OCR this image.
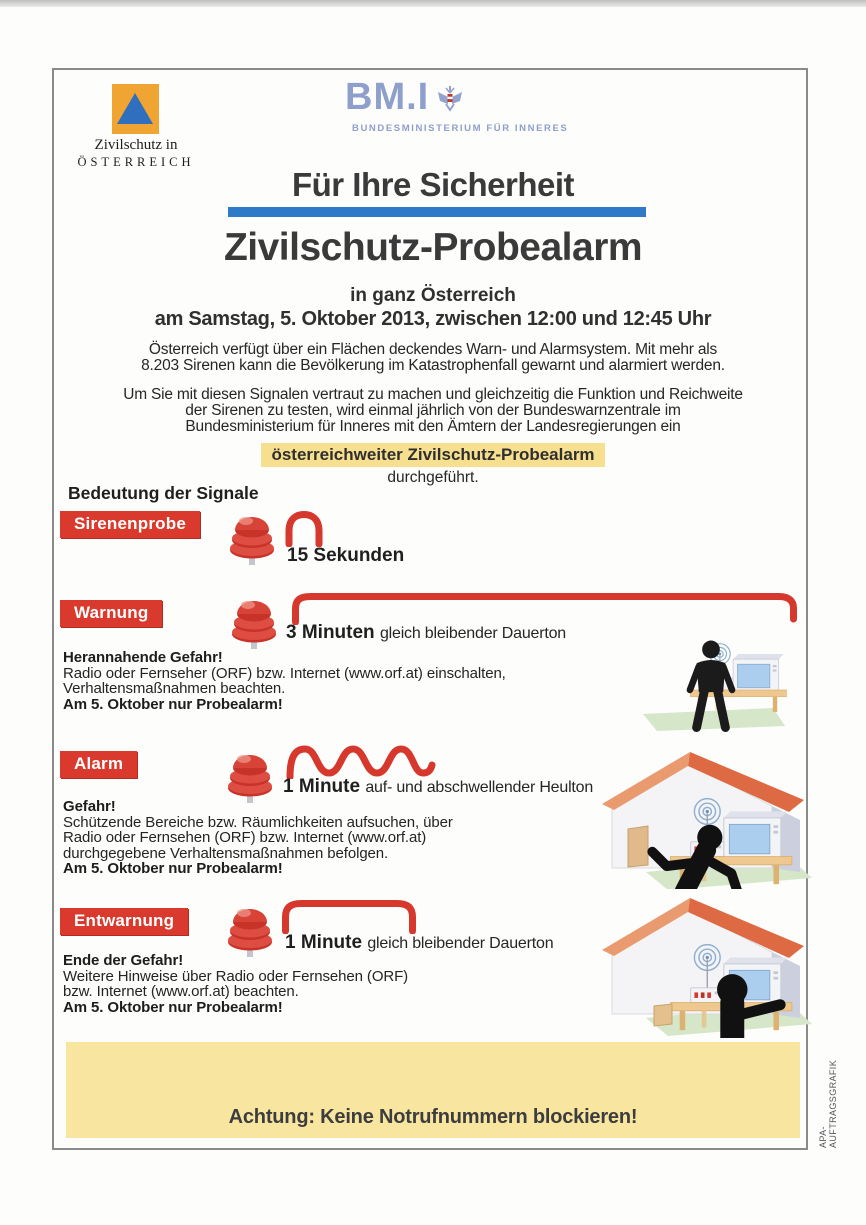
Zivilschutz in
ÖSTERREICH
BM.I
BUNDESMINISTERIUM FÜR INNERES
Für Ihre Sicherheit
Zivilschutz-Probealarm
in ganz Österreich
am Samstag, 5. Oktober 2013, zwischen 12:00 und 12:45 Uhr
Österreich verfügt über ein Flächen deckendes Warn- und Alarmsystem. Mit mehr als
8.203 Sirenen kann die Bevölkerung im Katastrophenfall gewarnt und alarmiert werden.
Um Sie mit diesen Signalen vertraut zu machen und gleichzeitig die Funktion und Reichweite
der Sirenen zu testen, wird einmal jährlich von der Bundeswarnzentrale im
Bundesministerium für Inneres mit den Ämtern der Landesregierungen ein
österreichweiter Zivilschutz-Probealarm
durchgeführt.
Bedeutung der Signale
Sirenenprobe
15 Sekunden
Warnung
3 Minuten gleich bleibender Dauerton
Herannahende Gefahr!
Radio oder Fernseher (ORF) bzw. Internet (www.orf.at) einschalten,
Verhaltensmaßnahmen beachten.
Am 5. Oktober nur Probealarm!
Alarm
1 Minute auf- und abschwellender Heulton
Gefahr!
Schützende Bereiche bzw. Räumlichkeiten aufsuchen, über
Radio oder Fernsehen (ORF) bzw. Internet (www.orf.at)
durchgegebene Verhaltensmaßnahmen befolgen.
Am 5. Oktober nur Probealarm!
Entwarnung
1 Minute gleich bleibender Dauerton
Ende der Gefahr!
Weitere Hinweise über Radio oder Fernsehen (ORF)
bzw. Internet (www.orf.at) beachten.
Am 5. Oktober nur Probealarm!
Achtung: Keine Notrufnummern blockieren!
APA-AUFTRAGSGRAFIK
